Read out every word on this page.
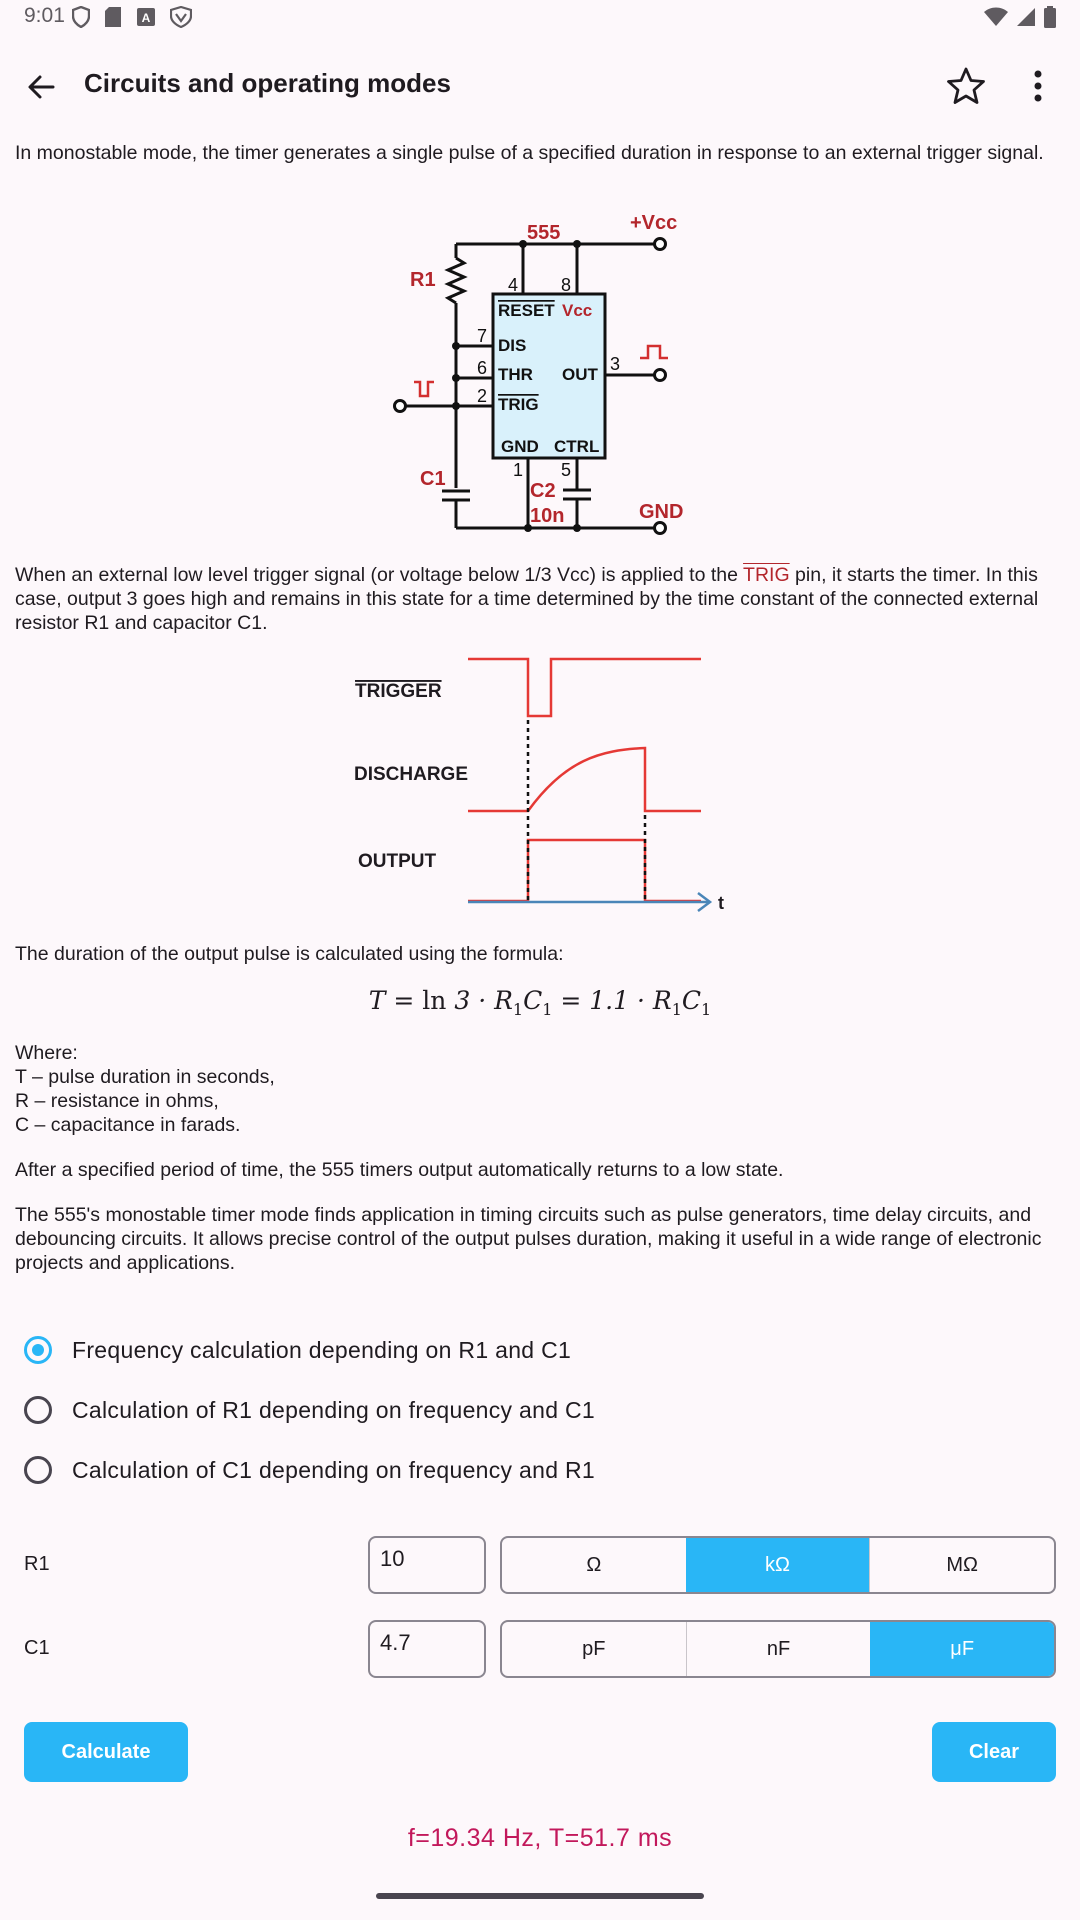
9:01	A
Circuits and operating modes

In monostable mode, the timer generates a single pulse of a specified duration in response to an external trigger signal.

555	+Vcc
GND
R1
C1
C2
10n
Vcc
4 8
7
6
2
3
1 5
RESET
DIS
THR OUT
TRIG
GND CTRL

When an external low level trigger signal (or voltage below 1/3 Vcc) is applied to the TRIG pin, it starts the timer. In this case, output 3 goes high and remains in this state for a time determined by the time constant of the connected external resistor R1 and capacitor C1.

TRIGGER
DISCHARGE
OUTPUT
t

The duration of the output pulse is calculated using the formula:

$T = \ln 3 \cdot R_1C_1 = 1.1 \cdot R_1C_1$

Where:

T – pulse duration in seconds,

R – resistance in ohms,

C – capacitance in farads.

After a specified period of time, the 555 timers output automatically returns to a low state.

The 555's monostable timer mode finds application in timing circuits such as pulse generators, time delay circuits, and debouncing circuits. It allows precise control of the output pulses duration, making it useful in a wide range of electronic projects and applications.

Frequency calculation depending on R1 and C1
Calculation of R1 depending on frequency and C1
Calculation of C1 depending on frequency and R1
R1	10	Ω	kΩ	MΩ
C1	4.7	pF	nF	μF
Calculate	Clear
f=19.34 Hz, T=51.7 ms
